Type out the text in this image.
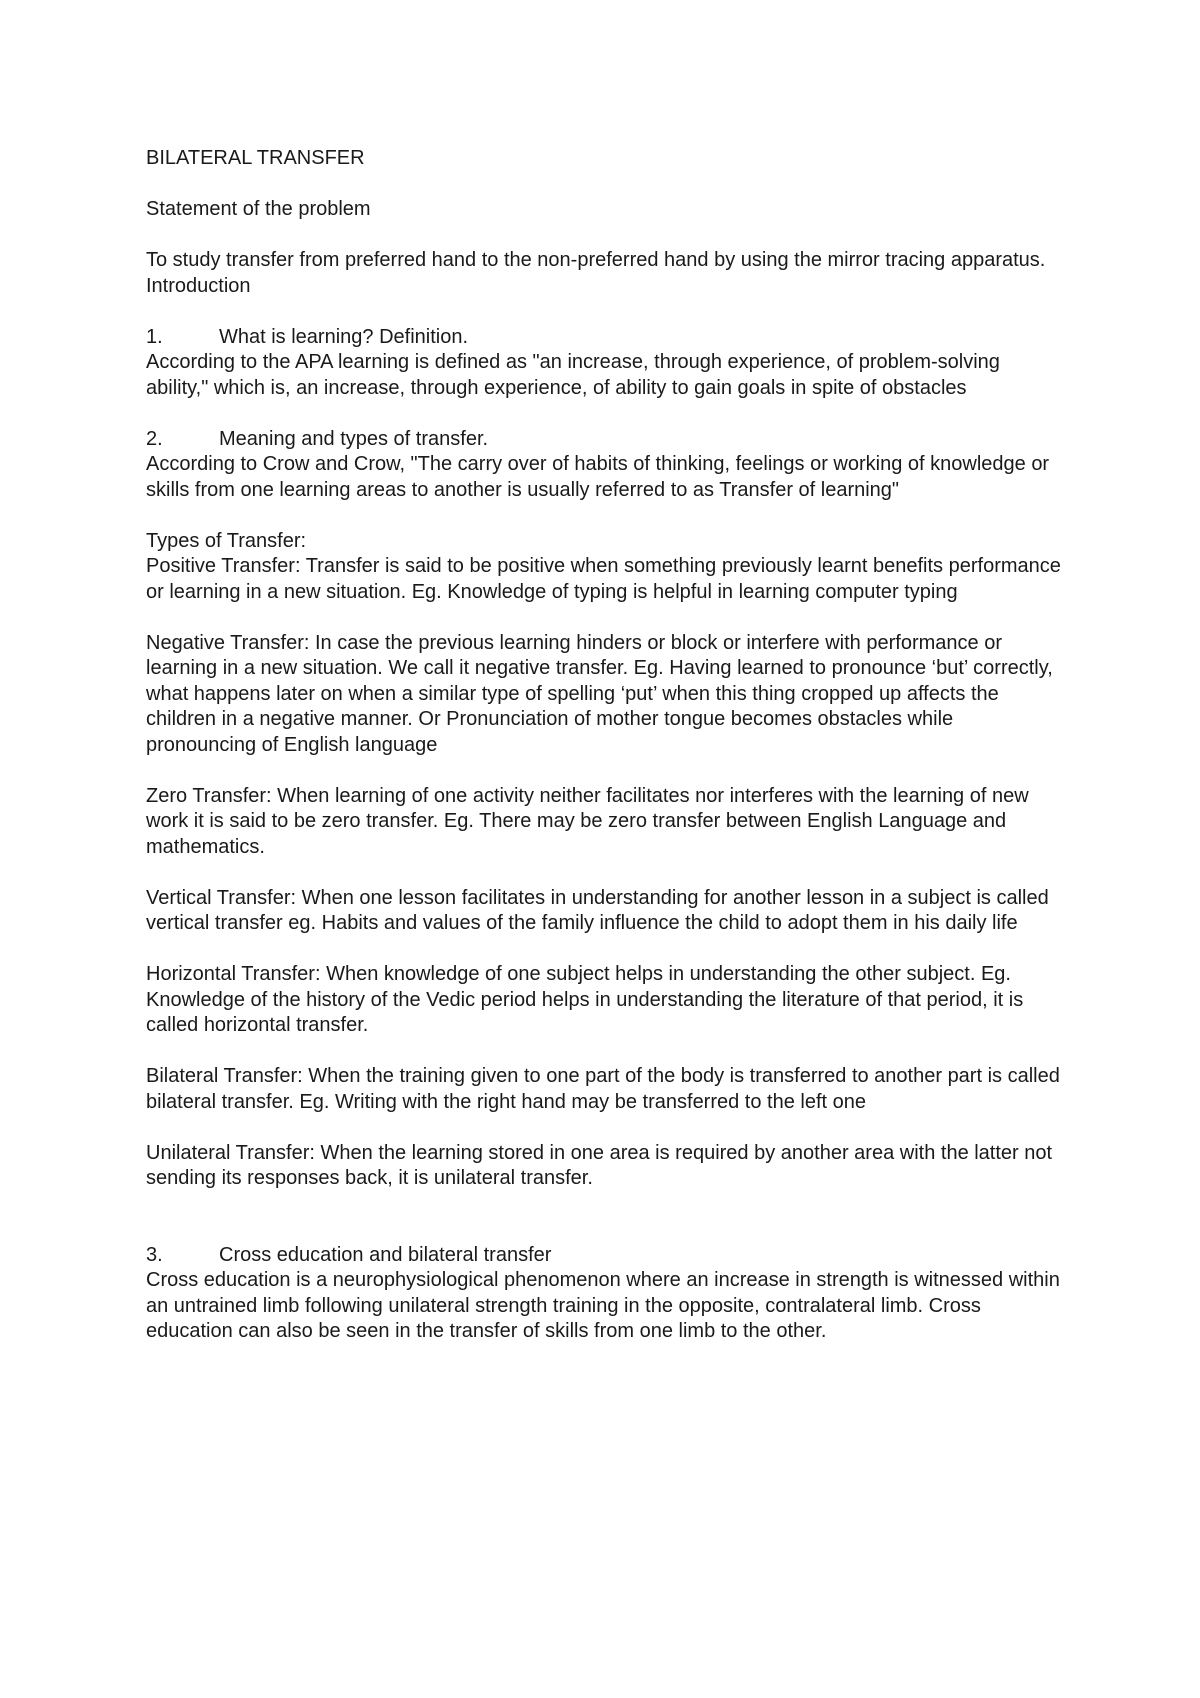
BILATERAL TRANSFER

Statement of the problem

To study transfer from preferred hand to the non-preferred hand by using the mirror tracing apparatus.

Introduction

1.	What is learning? Definition.

According to the APA learning is defined as "an increase, through experience, of problem-solving ability," which is, an increase, through experience, of ability to gain goals in spite of obstacles

2.	Meaning and types of transfer.

According to Crow and Crow, "The carry over of habits of thinking, feelings or working of knowledge or skills from one learning areas to another is usually referred to as Transfer of learning"

Types of Transfer:

Positive Transfer: Transfer is said to be positive when something previously learnt benefits performance or learning in a new situation. Eg. Knowledge of typing is helpful in learning computer typing

Negative Transfer: In case the previous learning hinders or block or interfere with performance or learning in a new situation. We call it negative transfer. Eg. Having learned to pronounce ‘but’ correctly, what happens later on when a similar type of spelling ‘put’ when this thing cropped up affects the children in a negative manner. Or Pronunciation of mother tongue becomes obstacles while pronouncing of English language

Zero Transfer: When learning of one activity neither facilitates nor interferes with the learning of new work it is said to be zero transfer. Eg. There may be zero transfer between English Language and mathematics.

Vertical Transfer: When one lesson facilitates in understanding for another lesson in a subject is called vertical transfer eg. Habits and values of the family influence the child to adopt them in his daily life

Horizontal Transfer: When knowledge of one subject helps in understanding the other subject. Eg. Knowledge of the history of the Vedic period helps in understanding the literature of that period, it is called horizontal transfer.

Bilateral Transfer: When the training given to one part of the body is transferred to another part is called bilateral transfer. Eg. Writing with the right hand may be transferred to the left one

Unilateral Transfer: When the learning stored in one area is required by another area with the latter not sending its responses back, it is unilateral transfer.

3.	Cross education and bilateral transfer

Cross education is a neurophysiological phenomenon where an increase in strength is witnessed within an untrained limb following unilateral strength training in the opposite, contralateral limb. Cross education can also be seen in the transfer of skills from one limb to the other.
